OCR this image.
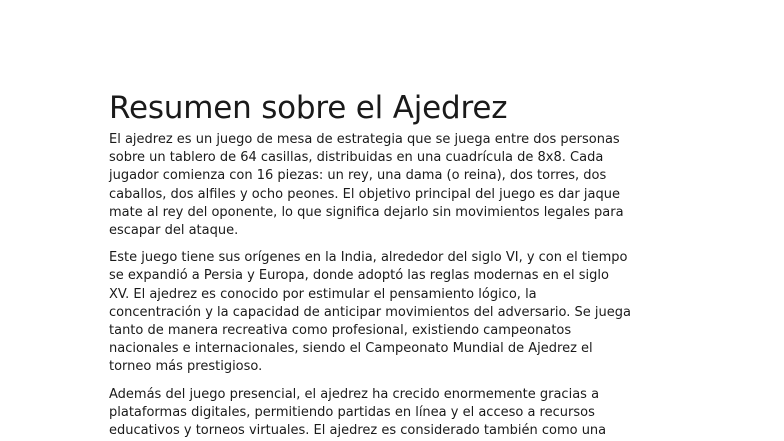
Resumen sobre el Ajedrez

El ajedrez es un juego de mesa de estrategia que se juega entre dos personas
sobre un tablero de 64 casillas, distribuidas en una cuadrícula de 8x8. Cada
jugador comienza con 16 piezas: un rey, una dama (o reina), dos torres, dos
caballos, dos alfiles y ocho peones. El objetivo principal del juego es dar jaque
mate al rey del oponente, lo que significa dejarlo sin movimientos legales para
escapar del ataque.

Este juego tiene sus orígenes en la India, alrededor del siglo VI, y con el tiempo
se expandió a Persia y Europa, donde adoptó las reglas modernas en el siglo
XV. El ajedrez es conocido por estimular el pensamiento lógico, la
concentración y la capacidad de anticipar movimientos del adversario. Se juega
tanto de manera recreativa como profesional, existiendo campeonatos
nacionales e internacionales, siendo el Campeonato Mundial de Ajedrez el
torneo más prestigioso.

Además del juego presencial, el ajedrez ha crecido enormemente gracias a
plataformas digitales, permitiendo partidas en línea y el acceso a recursos
educativos y torneos virtuales. El ajedrez es considerado también como una
